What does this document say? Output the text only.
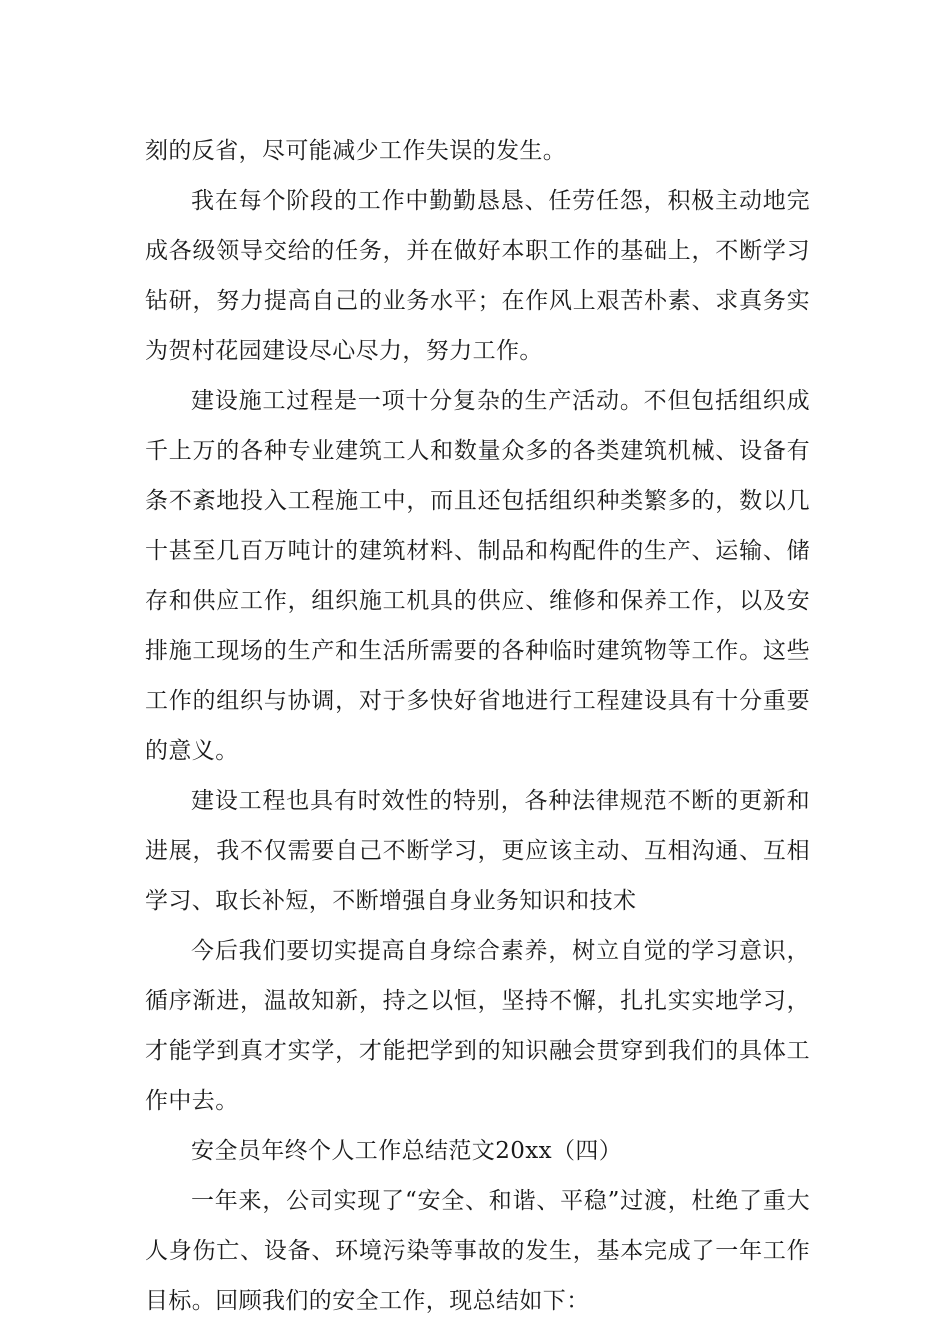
刻的反省，尽可能减少工作失误的发生。

我在每个阶段的工作中勤勤恳恳、任劳任怨，积极主动地完成各级领导交给的任务，并在做好本职工作的基础上，不断学习钻研，努力提高自己的业务水平；在作风上艰苦朴素、求真务实为贺村花园建设尽心尽力，努力工作。

建设施工过程是一项十分复杂的生产活动。不但包括组织成千上万的各种专业建筑工人和数量众多的各类建筑机械、设备有条不紊地投入工程施工中，而且还包括组织种类繁多的，数以几十甚至几百万吨计的建筑材料、制品和构配件的生产、运输、储存和供应工作，组织施工机具的供应、维修和保养工作，以及安排施工现场的生产和生活所需要的各种临时建筑物等工作。这些工作的组织与协调，对于多快好省地进行工程建设具有十分重要的意义。

建设工程也具有时效性的特别，各种法律规范不断的更新和进展，我不仅需要自己不断学习，更应该主动、互相沟通、互相学习、取长补短，不断增强自身业务知识和技术

今后我们要切实提高自身综合素养，树立自觉的学习意识，循序渐进，温故知新，持之以恒，坚持不懈，扎扎实实地学习，才能学到真才实学，才能把学到的知识融会贯穿到我们的具体工作中去。

安全员年终个人工作总结范文20xx（四）

一年来，公司实现了“安全、和谐、平稳”过渡，杜绝了重大人身伤亡、设备、环境污染等事故的发生，基本完成了一年工作目标。回顾我们的安全工作，现总结如下：
